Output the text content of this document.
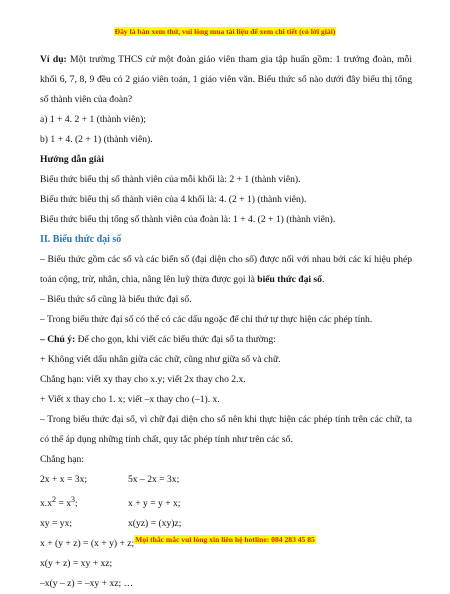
Đây là bản xem thử, vui lòng mua tài liệu để xem chi tiết (có lời giải)

Ví dụ: Một trường THCS cử một đoàn giáo viên tham gia tập huấn gồm: 1 trưởng đoàn, mỗi khối 6, 7, 8, 9 đều có 2 giáo viên toán, 1 giáo viên văn. Biểu thức số nào dưới đây biểu thị tổng số thành viên của đoàn?

a) 1 + 4. 2 + 1 (thành viên);

b) 1 + 4. (2 + 1) (thành viên).

Hướng dẫn giải

Biểu thức biểu thị số thành viên của mỗi khối là: 2 + 1 (thành viên).

Biểu thức biểu thị số thành viên của 4 khối là: 4. (2 + 1) (thành viên).

Biểu thức biểu thị tổng số thành viên của đoàn là: 1 + 4. (2 + 1) (thành viên).

II. Biểu thức đại số

– Biểu thức gồm các số và các biến số (đại diện cho số) được nối với nhau bởi các kí hiệu phép toán cộng, trừ, nhân, chia, nâng lên luỹ thừa được gọi là biểu thức đại số.

– Biểu thức số cũng là biểu thức đại số.

– Trong biểu thức đại số có thể có các dấu ngoặc để chỉ thứ tự thực hiện các phép tính.

– Chú ý: Để cho gọn, khi viết các biểu thức đại số ta thường:

+ Không viết dấu nhân giữa các chữ, cũng như giữa số và chữ.

Chẳng hạn: viết xy thay cho x.y; viết 2x thay cho 2.x.

+ Viết x thay cho 1. x; viết –x thay cho (–1). x.

– Trong biểu thức đại số, vì chữ đại diện cho số nên khi thực hiện các phép tính trên các chữ, ta có thể áp dụng những tính chất, quy tắc phép tính như trên các số.

Chẳng hạn:

2x + x = 3x;	5x – 2x = 3x;

$x.x^2 = x^3$;	x + y = y + x;

xy = yx;	x(yz) = (xy)z;

x + (y + z) = (x + y) + z;

x(y + z) = xy + xz;

–x(y – z) = –xy + xz; …

Mọi thắc mắc vui lòng xin liên hệ hotline: 084 283 45 85
